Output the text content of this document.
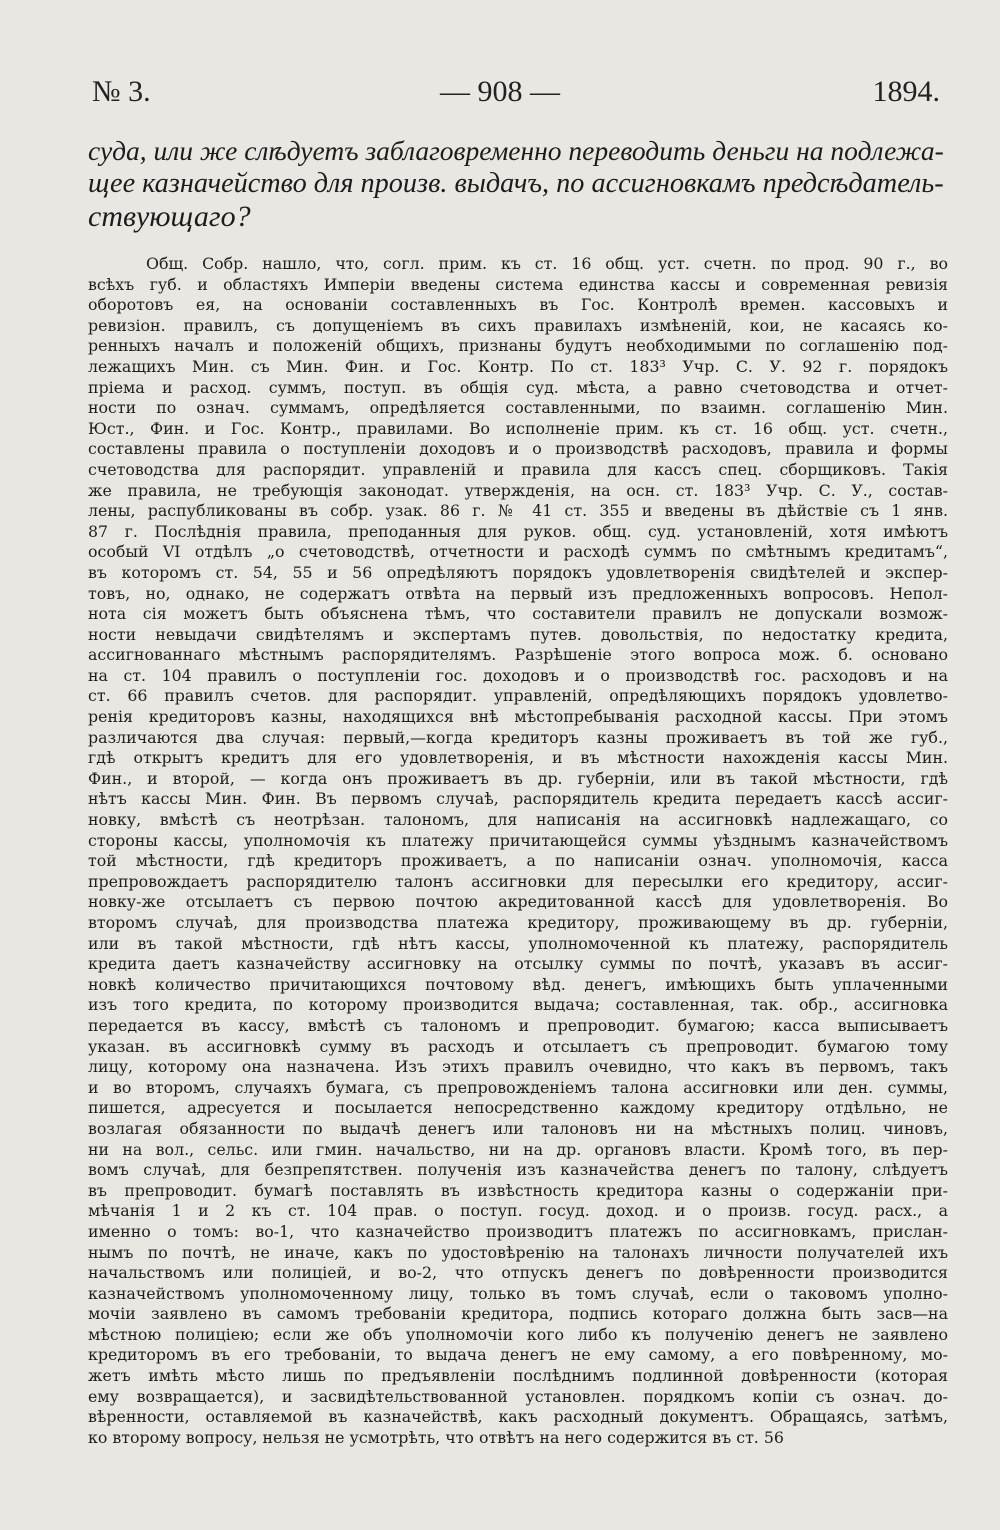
№ 3.	— 908 —	1894.
суда, или же слѣдуетъ заблаговременно переводить деньги на подлежа-
щее казначейство для произв. выдачъ, по ассигновкамъ предсѣдатель-
ствующаго?
Общ. Собр. нашло, что, согл. прим. къ ст. 16 общ. уст. счетн. по прод. 90 г., во
всѣхъ губ. и областяхъ Имперіи введены система единства кассы и современная ревизія
оборотовъ ея, на основаніи составленныхъ въ Гос. Контролѣ времен. кассовыхъ и
ревизіон. правилъ, съ допущеніемъ въ сихъ правилахъ измѣненій, кои, не касаясь ко-
ренныхъ началъ и положеній общихъ, признаны будутъ необходимыми по соглашенію под-
лежащихъ Мин. съ Мин. Фин. и Гос. Контр. По ст. 183³ Учр. С. У. 92 г. порядокъ
пріема и расход. суммъ, поступ. въ общія суд. мѣста, а равно счетоводства и отчет-
ности по означ. суммамъ, опредѣляется составленными, по взаимн. соглашенію Мин.
Юст., Фин. и Гос. Контр., правилами. Во исполненіе прим. къ ст. 16 общ. уст. счетн.,
составлены правила о поступленіи доходовъ и о производствѣ расходовъ, правила и формы
счетоводства для распорядит. управленій и правила для кассъ спец. сборщиковъ. Такія
же правила, не требующія законодат. утвержденія, на осн. ст. 183³ Учр. С. У., состав-
лены, распубликованы въ собр. узак. 86 г. № 41 ст. 355 и введены въ дѣйствіе съ 1 янв.
87 г. Послѣднія правила, преподанныя для руков. общ. суд. установленій, хотя имѣютъ
особый VI отдѣлъ „о счетоводствѣ, отчетности и расходѣ суммъ по смѣтнымъ кредитамъ“,
въ которомъ ст. 54, 55 и 56 опредѣляютъ порядокъ удовлетворенія свидѣтелей и экспер-
товъ, но, однако, не содержатъ отвѣта на первый изъ предложенныхъ вопросовъ. Непол-
нота сія можетъ быть объяснена тѣмъ, что составители правилъ не допускали возмож-
ности невыдачи свидѣтелямъ и экспертамъ путев. довольствія, по недостатку кредита,
ассигнованнаго мѣстнымъ распорядителямъ. Разрѣшеніе этого вопроса мож. б. основано
на ст. 104 правилъ о поступленіи гос. доходовъ и о производствѣ гос. расходовъ и на
ст. 66 правилъ счетов. для распорядит. управленій, опредѣляющихъ порядокъ удовлетво-
ренія кредиторовъ казны, находящихся внѣ мѣстопребыванія расходной кассы. При этомъ
различаются два случая: первый,—когда кредиторъ казны проживаетъ въ той же губ.,
гдѣ открытъ кредитъ для его удовлетворенія, и въ мѣстности нахожденія кассы Мин.
Фин., и второй, — когда онъ проживаетъ въ др. губерніи, или въ такой мѣстности, гдѣ
нѣтъ кассы Мин. Фин. Въ первомъ случаѣ, распорядитель кредита передаетъ кассѣ ассиг-
новку, вмѣстѣ съ неотрѣзан. талономъ, для написанія на ассигновкѣ надлежащаго, со
стороны кассы, уполномочія къ платежу причитающейся суммы уѣзднымъ казначействомъ
той мѣстности, гдѣ кредиторъ проживаетъ, а по написаніи означ. уполномочія, касса
препровождаетъ распорядителю талонъ ассигновки для пересылки его кредитору, ассиг-
новку-же отсылаетъ съ первою почтою акредитованной кассѣ для удовлетворенія. Во
второмъ случаѣ, для производства платежа кредитору, проживающему въ др. губерніи,
или въ такой мѣстности, гдѣ нѣтъ кассы, уполномоченной къ платежу, распорядитель
кредита даетъ казначейству ассигновку на отсылку суммы по почтѣ, указавъ въ ассиг-
новкѣ количество причитающихся почтовому вѣд. денегъ, имѣющихъ быть уплаченными
изъ того кредита, по которому производится выдача; составленная, так. обр., ассигновка
передается въ кассу, вмѣстѣ съ талономъ и препроводит. бумагою; касса выписываетъ
указан. въ ассигновкѣ сумму въ расходъ и отсылаетъ съ препроводит. бумагою тому
лицу, которому она назначена. Изъ этихъ правилъ очевидно, что какъ въ первомъ, такъ
и во второмъ, случаяхъ бумага, съ препровожденіемъ талона ассигновки или ден. суммы,
пишется, адресуется и посылается непосредственно каждому кредитору отдѣльно, не
возлагая обязанности по выдачѣ денегъ или талоновъ ни на мѣстныхъ полиц. чиновъ,
ни на вол., сельс. или гмин. начальство, ни на др. органовъ власти. Кромѣ того, въ пер-
вомъ случаѣ, для безпрепятствен. полученія изъ казначейства денегъ по талону, слѣдуетъ
въ препроводит. бумагѣ поставлять въ извѣстность кредитора казны о содержаніи при-
мѣчанія 1 и 2 къ ст. 104 прав. о поступ. госуд. доход. и о произв. госуд. расх., а
именно о томъ: во-1, что казначейство производитъ платежъ по ассигновкамъ, прислан-
нымъ по почтѣ, не иначе, какъ по удостовѣренію на талонахъ личности получателей ихъ
начальствомъ или полиціей, и во-2, что отпускъ денегъ по довѣренности производится
казначействомъ уполномоченному лицу, только въ томъ случаѣ, если о таковомъ уполно-
мочіи заявлено въ самомъ требованіи кредитора, подпись котораго должна быть засв—на
мѣстною полиціею; если же объ уполномочіи кого либо къ полученію денегъ не заявлено
кредиторомъ въ его требованіи, то выдача денегъ не ему самому, а его повѣренному, мо-
жетъ имѣть мѣсто лишь по предъявленіи послѣднимъ подлинной довѣренности (которая
ему возвращается), и засвидѣтельствованной установлен. порядкомъ копіи съ означ. до-
вѣренности, оставляемой въ казначействѣ, какъ расходный документъ. Обращаясь, затѣмъ,
ко второму вопросу, нельзя не усмотрѣть, что отвѣтъ на него содержится въ ст. 56
